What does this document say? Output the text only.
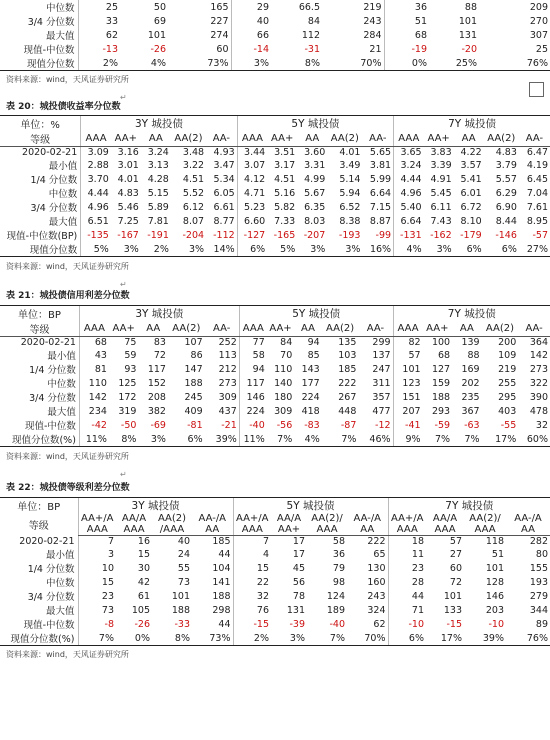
中位数	25	50	165	29	66.5	219	36	88	209
3/4 分位数	33	69	227	40	84	243	51	101	270
最大值	62	101	274	66	112	284	68	131	307
现值-中位数	-13	-26	60	-14	-31	21	-19	-20	25
现值分位数	2%	4%	73%	3%	8%	70%	0%	25%	76%
资料来源：wind，天风证券研究所
↵
表 20：城投债收益率分位数
单位：%	3Y 城投债					5Y 城投债					7Y 城投债				
等级	AAA	AA+	AA	AA(2)	AA-	AAA	AA+	AA	AA(2)	AA-	AAA	AA+	AA	AA(2)	AA-
2020-02-21	3.09	3.16	3.24	3.48	4.93	3.44	3.51	3.60	4.01	5.65	3.65	3.83	4.22	4.83	6.47
最小值	2.88	3.01	3.13	3.22	3.47	3.07	3.17	3.31	3.49	3.81	3.24	3.39	3.57	3.79	4.19
1/4 分位数	3.70	4.01	4.28	4.51	5.34	4.12	4.51	4.99	5.14	5.99	4.44	4.91	5.41	5.57	6.45
中位数	4.44	4.83	5.15	5.52	6.05	4.71	5.16	5.67	5.94	6.64	4.96	5.45	6.01	6.29	7.04
3/4 分位数	4.96	5.46	5.89	6.12	6.61	5.23	5.82	6.35	6.52	7.15	5.40	6.11	6.72	6.90	7.61
最大值	6.51	7.25	7.81	8.07	8.77	6.60	7.33	8.03	8.38	8.87	6.64	7.43	8.10	8.44	8.95
现值-中位数(BP)	-135	-167	-191	-204	-112	-127	-165	-207	-193	-99	-131	-162	-179	-146	-57
现值分位数	5%	3%	2%	3%	14%	6%	5%	3%	3%	16%	4%	3%	6%	6%	27%
资料来源：wind，天风证券研究所
↵
表 21：城投债信用利差分位数
单位：BP	3Y 城投债					5Y 城投债					7Y 城投债				
等级	AAA	AA+	AA	AA(2)	AA-	AAA	AA+	AA	AA(2)	AA-	AAA	AA+	AA	AA(2)	AA-
2020-02-21	68	75	83	107	252	77	84	94	135	299	82	100	139	200	364
最小值	43	59	72	86	113	58	70	85	103	137	57	68	88	109	142
1/4 分位数	81	93	117	147	212	94	110	143	185	247	101	127	169	219	273
中位数	110	125	152	188	273	117	140	177	222	311	123	159	202	255	322
3/4 分位数	142	172	208	245	309	146	180	224	267	357	151	188	235	295	390
最大值	234	319	382	409	437	224	309	418	448	477	207	293	367	403	478
现值-中位数	-42	-50	-69	-81	-21	-40	-56	-83	-87	-12	-41	-59	-63	-55	32
现值分位数(%)	11%	8%	3%	6%	39%	11%	7%	4%	7%	46%	9%	7%	7%	17%	60%
资料来源：wind，天风证券研究所
↵
表 22：城投债等级利差分位数
单位：BP	3Y 城投债				5Y 城投债				7Y 城投债			
等级	AA+/A	AA/A	AA(2)	AA-/A	AA+/A	AA/A	AA(2)/	AA-/A	AA+/A	AA/A	AA(2)/	AA-/A
	AAA	AAA	/AAA	AA	AAA	AA+	AAA	AA	AAA	AAA	AAA	AA
2020-02-21	7	16	40	185	7	17	58	222	18	57	118	282
最小值	3	15	24	44	4	17	36	65	11	27	51	80
1/4 分位数	10	30	55	104	15	45	79	130	23	60	101	155
中位数	15	42	73	141	22	56	98	160	28	72	128	193
3/4 分位数	23	61	101	188	32	78	124	243	44	101	146	279
最大值	73	105	188	298	76	131	189	324	71	133	203	344
现值-中位数	-8	-26	-33	44	-15	-39	-40	62	-10	-15	-10	89
现值分位数(%)	7%	0%	8%	73%	2%	3%	7%	70%	6%	17%	39%	76%
资料来源：wind，天风证券研究所
